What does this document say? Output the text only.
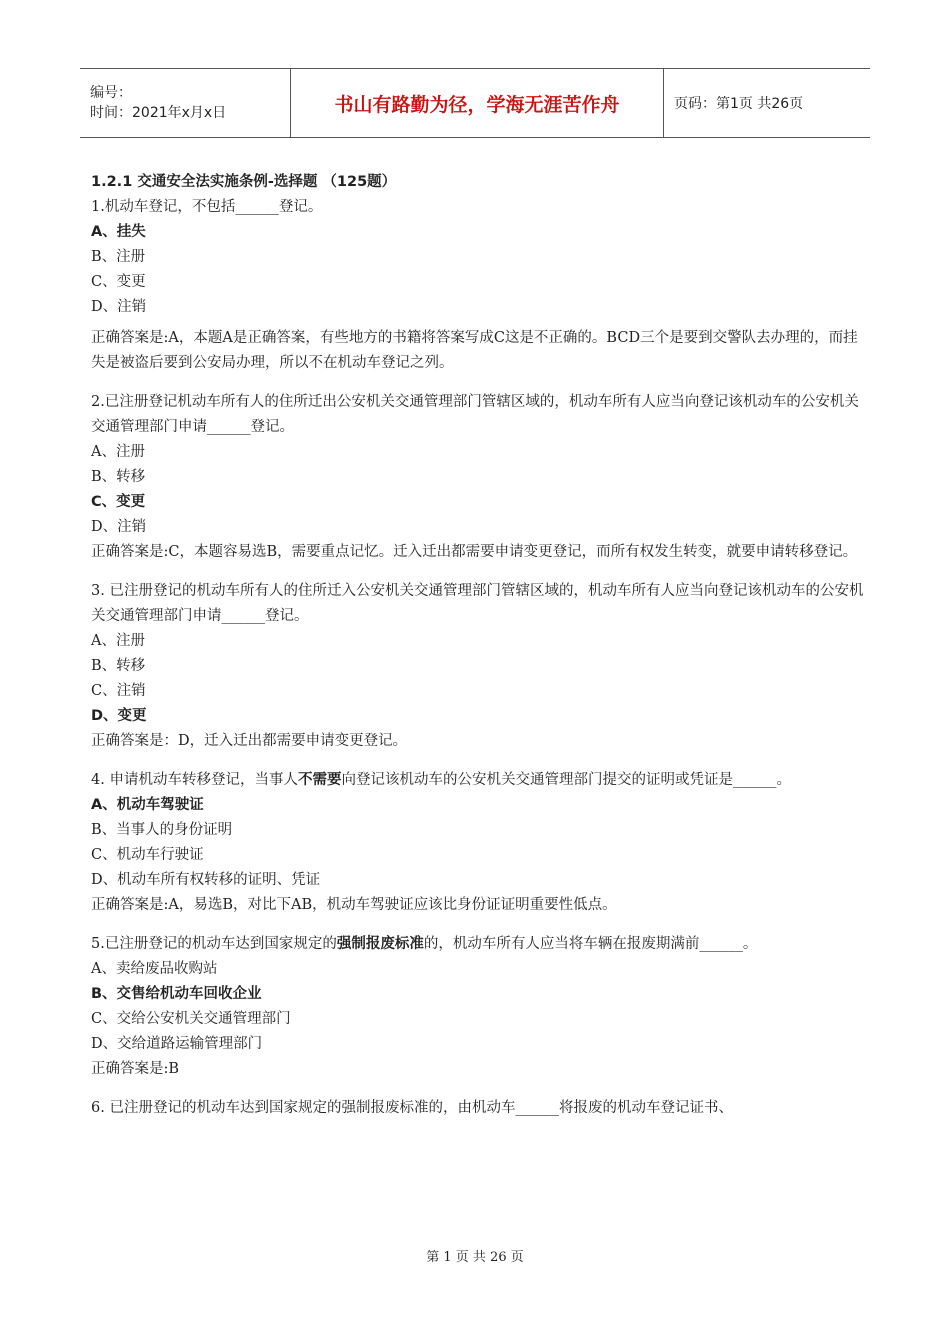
编号：
时间：2021年x月x日	书山有路勤为径，学海无涯苦作舟	页码：第1页 共26页
1.2.1 交通安全法实施条例-选择题 （125题）
1.机动车登记，不包括______登记。
A、挂失
B、注册
C、变更
D、注销
正确答案是:A，本题A是正确答案，有些地方的书籍将答案写成C这是不正确的。BCD三个是要到交警队去办理的，而挂失是被盗后要到公安局办理，所以不在机动车登记之列。
2.已注册登记机动车所有人的住所迁出公安机关交通管理部门管辖区域的，机动车所有人应当向登记该机动车的公安机关交通管理部门申请______登记。
A、注册
B、转移
C、变更
D、注销
正确答案是:C，本题容易选B，需要重点记忆。迁入迁出都需要申请变更登记，而所有权发生转变，就要申请转移登记。
3. 已注册登记的机动车所有人的住所迁入公安机关交通管理部门管辖区域的，机动车所有人应当向登记该机动车的公安机关交通管理部门申请______登记。
A、注册
B、转移
C、注销
D、变更
正确答案是：D，迁入迁出都需要申请变更登记。
4. 申请机动车转移登记，当事人不需要向登记该机动车的公安机关交通管理部门提交的证明或凭证是______。
A、机动车驾驶证
B、当事人的身份证明
C、机动车行驶证
D、机动车所有权转移的证明、凭证
正确答案是:A，易选B，对比下AB，机动车驾驶证应该比身份证证明重要性低点。
5.已注册登记的机动车达到国家规定的强制报废标准的，机动车所有人应当将车辆在报废期满前______。
A、卖给废品收购站
B、交售给机动车回收企业
C、交给公安机关交通管理部门
D、交给道路运输管理部门
正确答案是:B
6. 已注册登记的机动车达到国家规定的强制报废标准的，由机动车______将报废的机动车登记证书、
第 1 页 共 26 页
